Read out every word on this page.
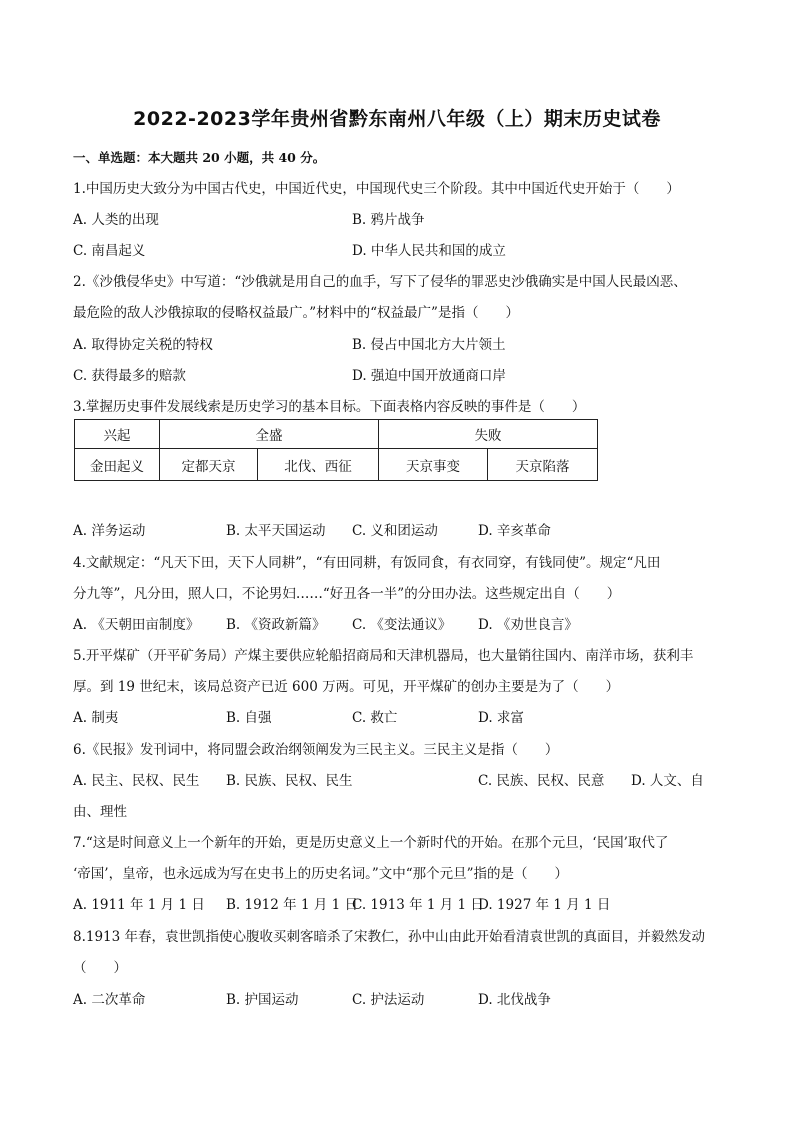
2022-2023学年贵州省黔东南州八年级（上）期末历史试卷
一、单选题：本大题共 20 小题，共 40 分。
1.中国历史大致分为中国古代史，中国近代史，中国现代史三个阶段。其中中国近代史开始于（　　）
A. 人类的出现	B. 鸦片战争
C. 南昌起义	D. 中华人民共和国的成立
2.《沙俄侵华史》中写道：“沙俄就是用自己的血手，写下了侵华的罪恶史沙俄确实是中国人民最凶恶、
最危险的敌人沙俄掠取的侵略权益最广。”材料中的“权益最广”是指（　　）
A. 取得协定关税的特权	B. 侵占中国北方大片领土
C. 获得最多的赔款	D. 强迫中国开放通商口岸
3.掌握历史事件发展线索是历史学习的基本目标。下面表格内容反映的事件是（　　）
兴起	全盛		失败	
金田起义	定都天京	北伐、西征	天京事变	天京陷落
A. 洋务运动	B. 太平天国运动 C. 义和团运动	D. 辛亥革命
4.文献规定：“凡天下田，天下人同耕”，“有田同耕，有饭同食，有衣同穿，有钱同使”。规定“凡田
分九等”，凡分田，照人口，不论男妇……“好丑各一半”的分田办法。这些规定出自（　　）
A. 《天朝田亩制度》 B. 《资政新篇》 C. 《变法通议》 D. 《劝世良言》
5.开平煤矿（开平矿务局）产煤主要供应轮船招商局和天津机器局，也大量销往国内、南洋市场，获利丰
厚。到 19 世纪末，该局总资产已近 600 万两。可见，开平煤矿的创办主要是为了（　　）
A. 制夷	B. 自强	C. 救亡	D. 求富
6.《民报》发刊词中，将同盟会政治纲领阐发为三民主义。三民主义是指（　　）
A. 民主、民权、民生 B. 民族、民权、民生	C. 民族、民权、民意 D. 人文、自
由、理性
7.“这是时间意义上一个新年的开始，更是历史意义上一个新时代的开始。在那个元旦，‘民国’取代了
‘帝国’，皇帝，也永远成为写在史书上的历史名词。”文中“那个元旦”指的是（　　）
A. 1911 年 1 月 1 日 B. 1912 年 1 月 1 日
C. 1913 年 1 月 1 日
D. 1927 年 1 月 1 日
8.1913 年春，袁世凯指使心腹收买刺客暗杀了宋教仁，孙中山由此开始看清袁世凯的真面目，并毅然发动
（　　）
A. 二次革命	B. 护国运动	C. 护法运动	D. 北伐战争
